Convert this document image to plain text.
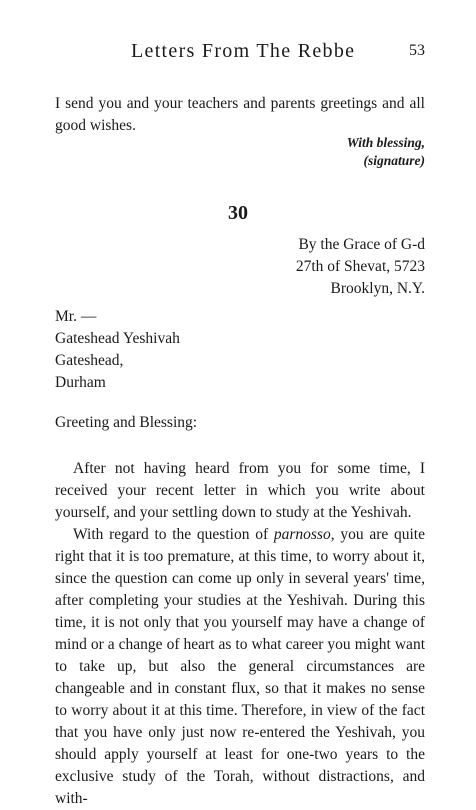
Letters From The Rebbe	53
I send you and your teachers and parents greetings and all good wishes.
With blessing,
(signature)
30
By the Grace of G-d
27th of Shevat, 5723
Brooklyn, N.Y.
Mr. —
Gateshead Yeshivah
Gateshead,
Durham
Greeting and Blessing:

After not having heard from you for some time, I received your recent letter in which you write about yourself, and your settling down to study at the Yeshivah.

With regard to the question of parnosso, you are quite right that it is too premature, at this time, to worry about it, since the question can come up only in several years' time, after completing your studies at the Yeshivah. During this time, it is not only that you yourself may have a change of mind or a change of heart as to what career you might want to take up, but also the general circumstances are changeable and in constant flux, so that it makes no sense to worry about it at this time. Therefore, in view of the fact that you have only just now re-entered the Yeshivah, you should apply yourself at least for one-two years to the exclusive study of the Torah, without distractions, and with-
